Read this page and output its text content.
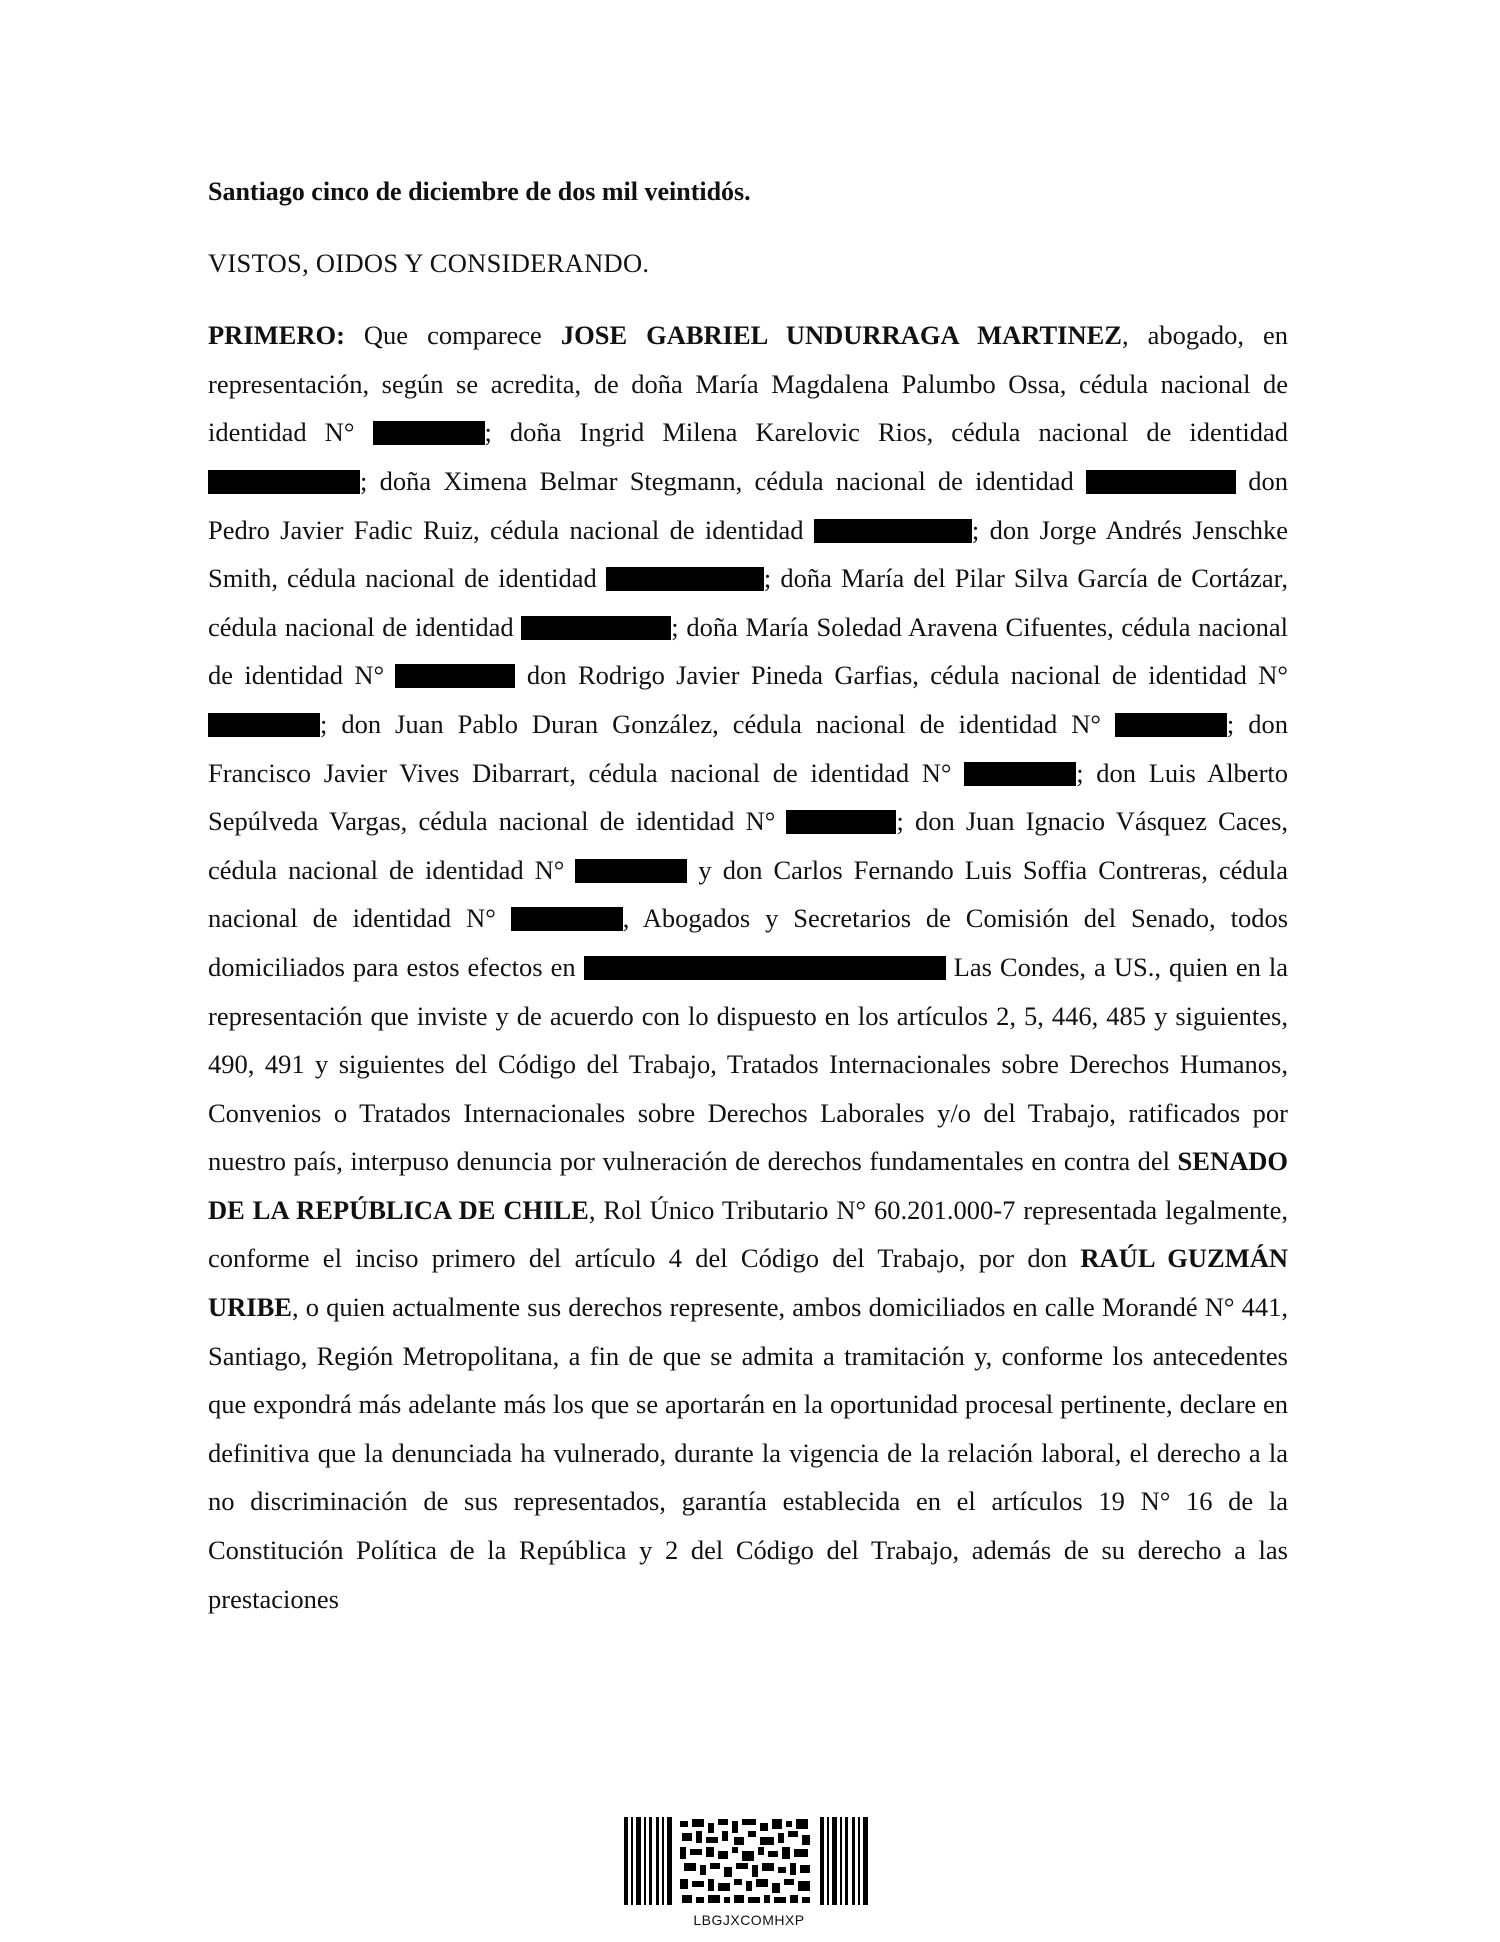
Santiago cinco de diciembre de dos mil veintidós.

VISTOS, OIDOS Y CONSIDERANDO.

PRIMERO: Que comparece JOSE GABRIEL UNDURRAGA MARTINEZ, abogado, en representación, según se acredita, de doña María Magdalena Palumbo Ossa, cédula nacional de identidad N°	; doña Ingrid Milena Karelovic Rios, cédula nacional de identidad ; doña Ximena Belmar Stegmann, cédula nacional de identidad	don Pedro Javier Fadic Ruiz, cédula nacional de identidad	; don Jorge Andrés Jenschke Smith, cédula nacional de identidad	; doña María del Pilar Silva García de Cortázar, cédula nacional de identidad	; doña María Soledad Aravena Cifuentes, cédula nacional de identidad N°	don Rodrigo Javier Pineda Garfias, cédula nacional de identidad N° ; don Juan Pablo Duran González, cédula nacional de identidad N°	; don Francisco Javier Vives Dibarrart, cédula nacional de identidad N°	; don Luis Alberto Sepúlveda Vargas, cédula nacional de identidad N°	; don Juan Ignacio Vásquez Caces, cédula nacional de identidad N°	y don Carlos Fernando Luis Soffia Contreras, cédula nacional de identidad N°	, Abogados y Secretarios de Comisión del Senado, todos domiciliados para estos efectos en	Las Condes, a US., quien en la representación que inviste y de acuerdo con lo dispuesto en los artículos 2, 5, 446, 485 y siguientes, 490, 491 y siguientes del Código del Trabajo, Tratados Internacionales sobre Derechos Humanos, Convenios o Tratados Internacionales sobre Derechos Laborales y/o del Trabajo, ratificados por nuestro país, interpuso denuncia por vulneración de derechos fundamentales en contra del SENADO DE LA REPÚBLICA DE CHILE, Rol Único Tributario N° 60.201.000-7 representada legalmente, conforme el inciso primero del artículo 4 del Código del Trabajo, por don RAÚL GUZMÁN URIBE, o quien actualmente sus derechos represente, ambos domiciliados en calle Morandé N° 441, Santiago, Región Metropolitana, a fin de que se admita a tramitación y, conforme los antecedentes que expondrá más adelante más los que se aportarán en la oportunidad procesal pertinente, declare en definitiva que la denunciada ha vulnerado, durante la vigencia de la relación laboral, el derecho a la no discriminación de sus representados, garantía establecida en el artículos 19 N° 16 de la Constitución Política de la República y 2 del Código del Trabajo, además de su derecho a las prestaciones

LBGJXCOMHXP
